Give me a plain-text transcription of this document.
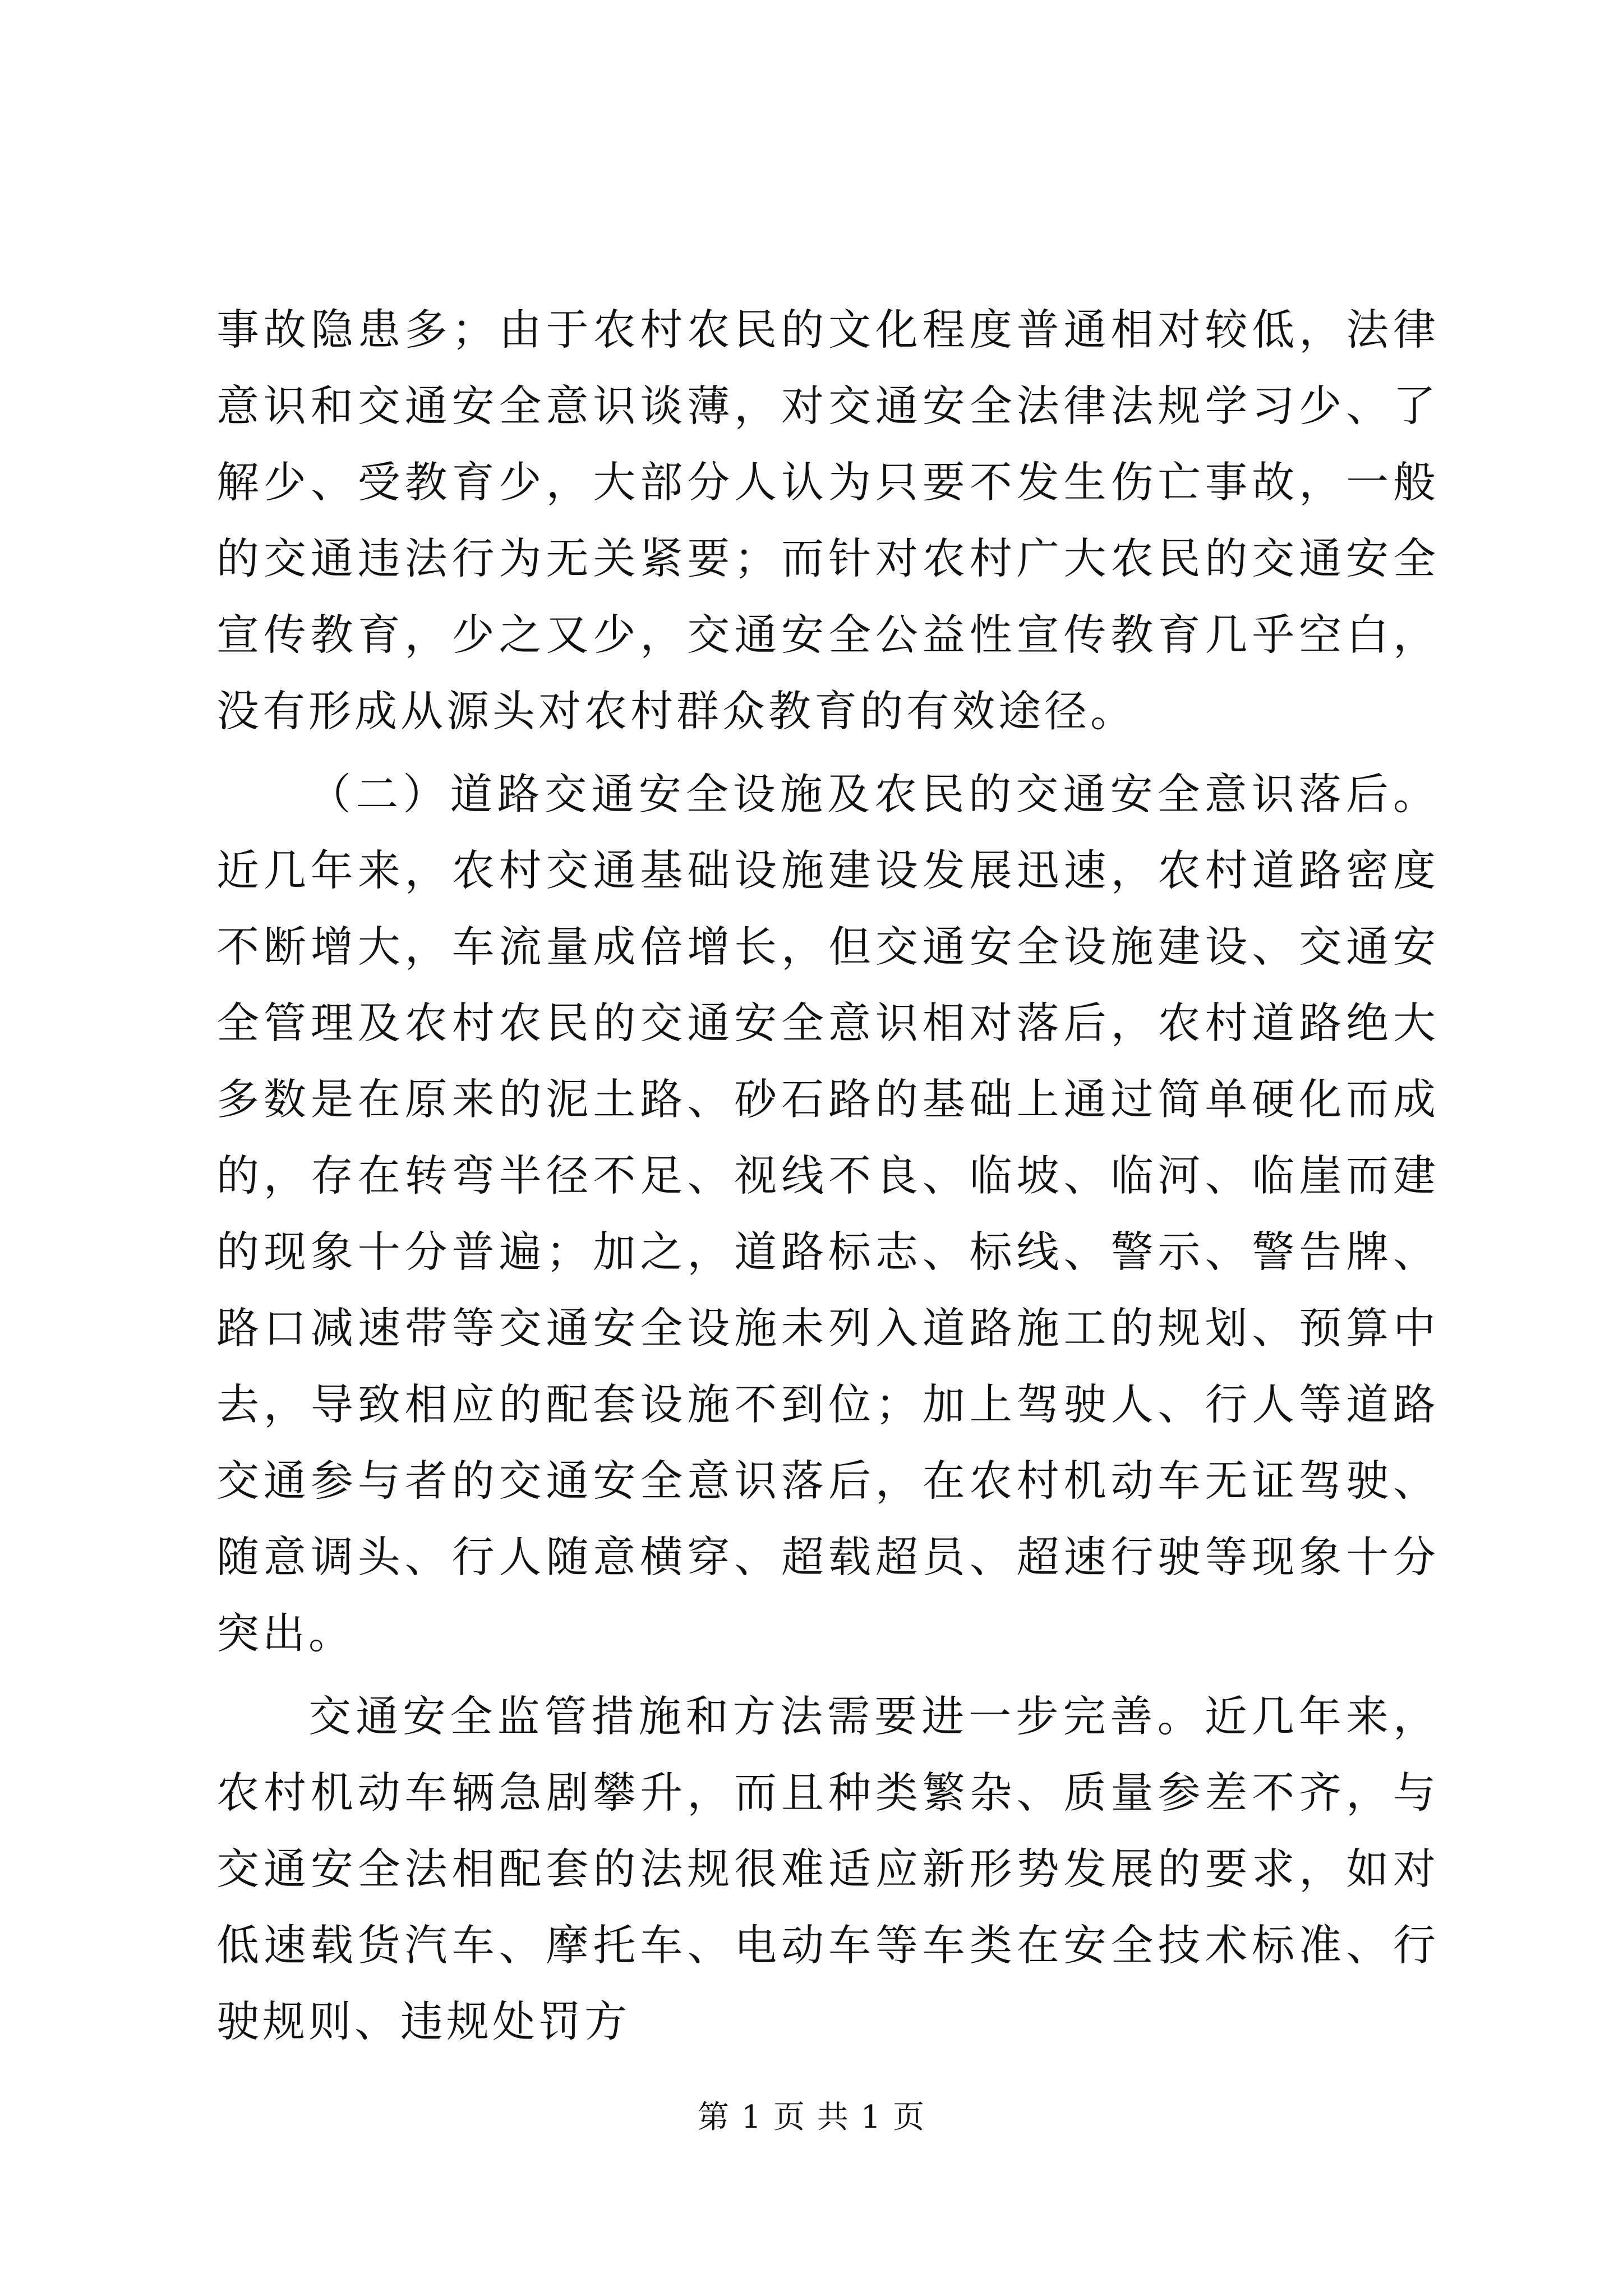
事故隐患多；由于农村农民的文化程度普通相对较低，法律意识和交通安全意识谈薄，对交通安全法律法规学习少、了解少、受教育少，大部分人认为只要不发生伤亡事故，一般的交通违法行为无关紧要；而针对农村广大农民的交通安全宣传教育，少之又少，交通安全公益性宣传教育几乎空白，没有形成从源头对农村群众教育的有效途径。

（二）道路交通安全设施及农民的交通安全意识落后。近几年来，农村交通基础设施建设发展迅速，农村道路密度不断增大，车流量成倍增长，但交通安全设施建设、交通安全管理及农村农民的交通安全意识相对落后，农村道路绝大多数是在原来的泥土路、砂石路的基础上通过简单硬化而成的，存在转弯半径不足、视线不良、临坡、临河、临崖而建的现象十分普遍；加之，道路标志、标线、警示、警告牌、路口减速带等交通安全设施未列入道路施工的规划、预算中去，导致相应的配套设施不到位；加上驾驶人、行人等道路交通参与者的交通安全意识落后，在农村机动车无证驾驶、随意调头、行人随意横穿、超载超员、超速行驶等现象十分突出。

交通安全监管措施和方法需要进一步完善。近几年来，农村机动车辆急剧攀升，而且种类繁杂、质量参差不齐，与交通安全法相配套的法规很难适应新形势发展的要求，如对低速载货汽车、摩托车、电动车等车类在安全技术标准、行驶规则、违规处罚方

第 1 页 共 1 页
